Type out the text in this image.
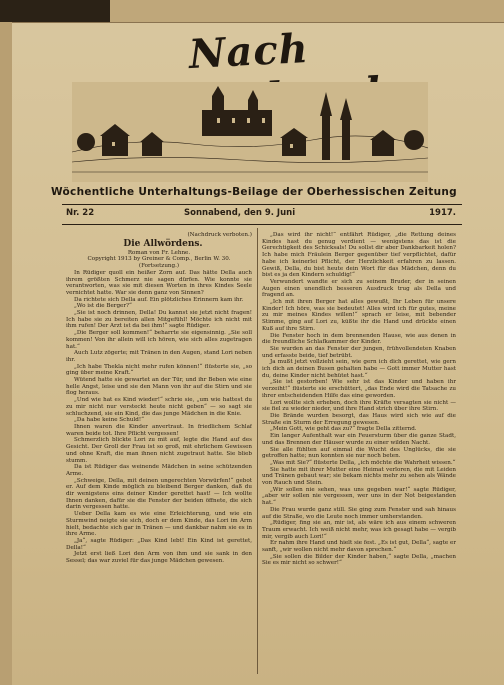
Nach
Wöchentliche Unterhaltungs-Beilage der Oberhessischen Zeitung
Nr. 22	Sonnabend, den 9. Juni	1917.

(Nachdruck verboten.)

Die Allwördens.

Roman von Fr. Lehne.

Copyright 1913 by Greiner & Comp., Berlin W. 30.

(Fortsetzung.)

In Rüdiger quoll ein heißer Zorn auf. Das hätte Della auch ihrem größten Schmerz nie sagen dürfen. Wie konnte sie verantworten, was sie mit diesen Worten in ihres Kindes Seele vernichtet hatte. War sie denn ganz von Sinnen?

Da richtete sich Della auf. Ein plötzliches Erinnern kam ihr.

„Wo ist die Berger?“

„Sie ist noch drinnen, Della! Du kannst sie jetzt nicht fragen! Ich habe sie zu bereiten allen Mitgefühl! Möchte ich nicht mit ihm rufen! Der Arzt ist da bei ihm!“ sagte Rüdiger.

„Die Berger soll kommen!“ beharrte sie eigensinnig. „Sie soll kommen! Von ihr allein will ich hören, wie sich alles zugetragen hat.“

Auch Lutz zögerte; mit Tränen in den Augen, stand Lori neben ihr.

„Ich habe Thekla nicht mehr rufen können!“ flüsterte sie, „so ging über meine Kraft.“

Wütend hatte sie gewartet an der Tür, und ihr Beben wie eine helle Angst, leise und sie den Mann von ihr auf die Stirn und sie flog heraus.

„Und wie hat es Kind wieder!“ schrie sie, „um wie hattest du zu mir nicht nur versteckt heute nicht geben“ — so sagt sie schluchzend, sie ein Kind, die das junge Mädchen in die Knie.

„Da habe keine Schuld!“

Ihnen waren die Kinder anvertraut. In friedlichem Schlaf waren beide tot. Ihre Pflicht vergessen!

Schmerzlich blickte Lori zu mit auf, legte die Hand auf des Gesicht. Der Groll der Frau ist so groß, mit ehrlichem Gewissen und ohne Kraft, die man ihnen nicht zugetraut hatte. Sie blieb stumm.

Da ist Rüdiger das weinende Mädchen in seine schützenden Arme.

„Schweige, Della, mit deinen ungerechten Vorwürfen!“ gebot er. Auf dem Kinde möglich zu bleibend Berger danken, daß du dir wenigstens eins deiner Kinder gerettet hast! — Ich wollte Ihnen danken, dafür sie die Fenster der beiden öffnete, die sich darin vergessen hatte.

Ueber Della kam es wie eine Erleichterung, und wie ein Sturmwind neigte sie sich, doch er dem Kinde, das Lori im Arm hielt, bedachte sich gar in Tränen — und dankbar nahm sie es in ihre Arme.

„Ja“, sagte Rüdiger: „Das Kind lebt! Ein Kind ist gerettet, Della!“

Jetzt erst ließ Lori den Arm von ihm und sie sank in den Sessel; das war zuviel für das junge Mädchen gewesen.

„Das wird ihr nicht!“ entfährt Rüdiger, „die Rettung deines Kindes hast du genug verdient — wenigstens das ist die Gerechtigkeit des Schicksals! Du sollst dir aber Dankbarkeit holen? Ich habe mich Fräulein Berger gegenüber tief verpflichtet, dafür habe ich keinerlei Pflicht, der Herzlichkeit erfahren zu lassen. Gewiß, Della, du bist heute dein Wort für das Mädchen, denn du bist es ja den Kindern schuldig!“

Verwundert wandte er sich zu seinem Bruder, der in seinen Augen einen unendlich besseren Ausdruck trug als Della und fragend an.

„Ich mit ihren Berger hat alles gewußt, Ihr Leben für unsere Kinder! Ich höre, was sie bedeutet! Alles wird ich für gutes, meine zu mir meines Kindes willen!“ sprach er leise, mit bebender Stimme, ging auf Lori zu, küßte ihr die Hand und drückte einen Kuß auf ihre Stirn.

Die Fenster hoch in dem brennenden Hause, wie aus denen in die freundliche Schlafkammer der Kinder.

Sie wurden an das Fenster der jungen, frühvollendeten Knaben und erfasste beide, tief betrübt.

Ja mußt jetzt vollzieht sein, wie gern ich dich gerettet, wie gern ich dich an deinen Busen gehalten habe — Gott immer Mutter hast du, deine Kinder nicht behütet hast.“

„Sie ist gestorben! Wie sehr ist das Kinder und haben ihr verzeiht!“ flüsterte sie erschüttert, „das Ende wird die Tatsache zu ihrer entscheidenden Hilfe das eine geworden.

Lori wollte sich erheben, doch ihre Kräfte versagten sie nicht — sie fiel zu wieder nieder, und ihre Hand strich über ihre Stirn.

Die Brände wurden besorgt, das Haus wird sich wie auf die Straße ein Sturm der Erregung gewesen.

„Mein Gott, wie geht das zu?“ fragte Della zitternd.

Ein langer Aufenthalt war ein Feuersturm über die ganze Stadt, und das Brennen der Häuser wurde zu einer wilden Nacht.

Sie alle fühlten auf einmal die Wucht des Unglücks, die sie getroffen hatte; nun konnten sie nur noch beten.

„Was mit Sie?“ flüsterte Della, „ich möchte die Wahrheit wissen.“

Sie hatte mit ihrer Mutter eine Heimat verloren, die mit Leiden und Tränen gebaut war; sie bekam nichts mehr zu sehen als Wände von Rauch und Stein.

„Wir sollen nie sehen, was uns gegeben war!“ sagte Rüdiger, „aber wir sollen nie vergessen, wer uns in der Not beigestanden hat.“

Die Frau wurde ganz still. Sie ging zum Fenster und sah hinaus auf die Straße, wo die Leute noch immer umherstanden.

„Rüdiger, fing sie an, mir ist, als wäre ich aus einem schweren Traum erwacht. Ich weiß nicht mehr, was ich gesagt habe — vergib mir, vergib auch Lori!“

Er nahm ihre Hand und hielt sie fest. „Es ist gut, Della“, sagte er sanft, „wir wollen nicht mehr davon sprechen.“

„Sie sollen die Bilder der Kinder haben,“ sagte Della, „machen Sie es mir nicht so schwer!“
